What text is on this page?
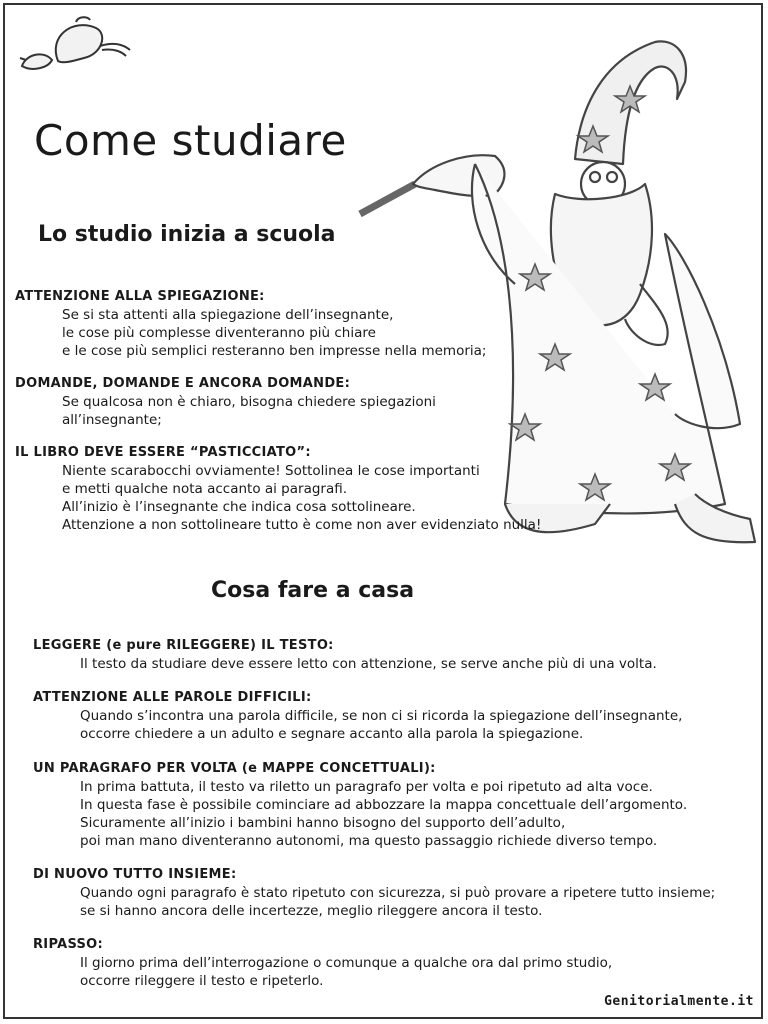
Come studiare
Lo studio inizia a scuola
ATTENZIONE ALLA SPIEGAZIONE:
Se si sta attenti alla spiegazione dell’insegnante,
le cose più complesse diventeranno più chiare
e le cose più semplici resteranno ben impresse nella memoria;
DOMANDE, DOMANDE E ANCORA DOMANDE:
Se qualcosa non è chiaro, bisogna chiedere spiegazioni
all’insegnante;
IL LIBRO DEVE ESSERE “PASTICCIATO”:
Niente scarabocchi ovviamente! Sottolinea le cose importanti
e metti qualche nota accanto ai paragrafi.
All’inizio è l’insegnante che indica cosa sottolineare.
Attenzione a non sottolineare tutto è come non aver evidenziato nulla!
Cosa fare a casa
LEGGERE (e pure RILEGGERE) IL TESTO:
Il testo da studiare deve essere letto con attenzione, se serve anche più di una volta.
ATTENZIONE ALLE PAROLE DIFFICILI:
Quando s’incontra una parola difficile, se non ci si ricorda la spiegazione dell’insegnante,
occorre chiedere a un adulto e segnare accanto alla parola la spiegazione.
UN PARAGRAFO PER VOLTA (e MAPPE CONCETTUALI):
In prima battuta, il testo va riletto un paragrafo per volta e poi ripetuto ad alta voce.
In questa fase è possibile cominciare ad abbozzare la mappa concettuale dell’argomento.
Sicuramente all’inizio i bambini hanno bisogno del supporto dell’adulto,
poi man mano diventeranno autonomi, ma questo passaggio richiede diverso tempo.
DI NUOVO TUTTO INSIEME:
Quando ogni paragrafo è stato ripetuto con sicurezza, si può provare a ripetere tutto insieme;
se si hanno ancora delle incertezze, meglio rileggere ancora il testo.
RIPASSO:
Il giorno prima dell’interrogazione o comunque a qualche ora dal primo studio,
occorre rileggere il testo e ripeterlo.
Genitorialmente.it
